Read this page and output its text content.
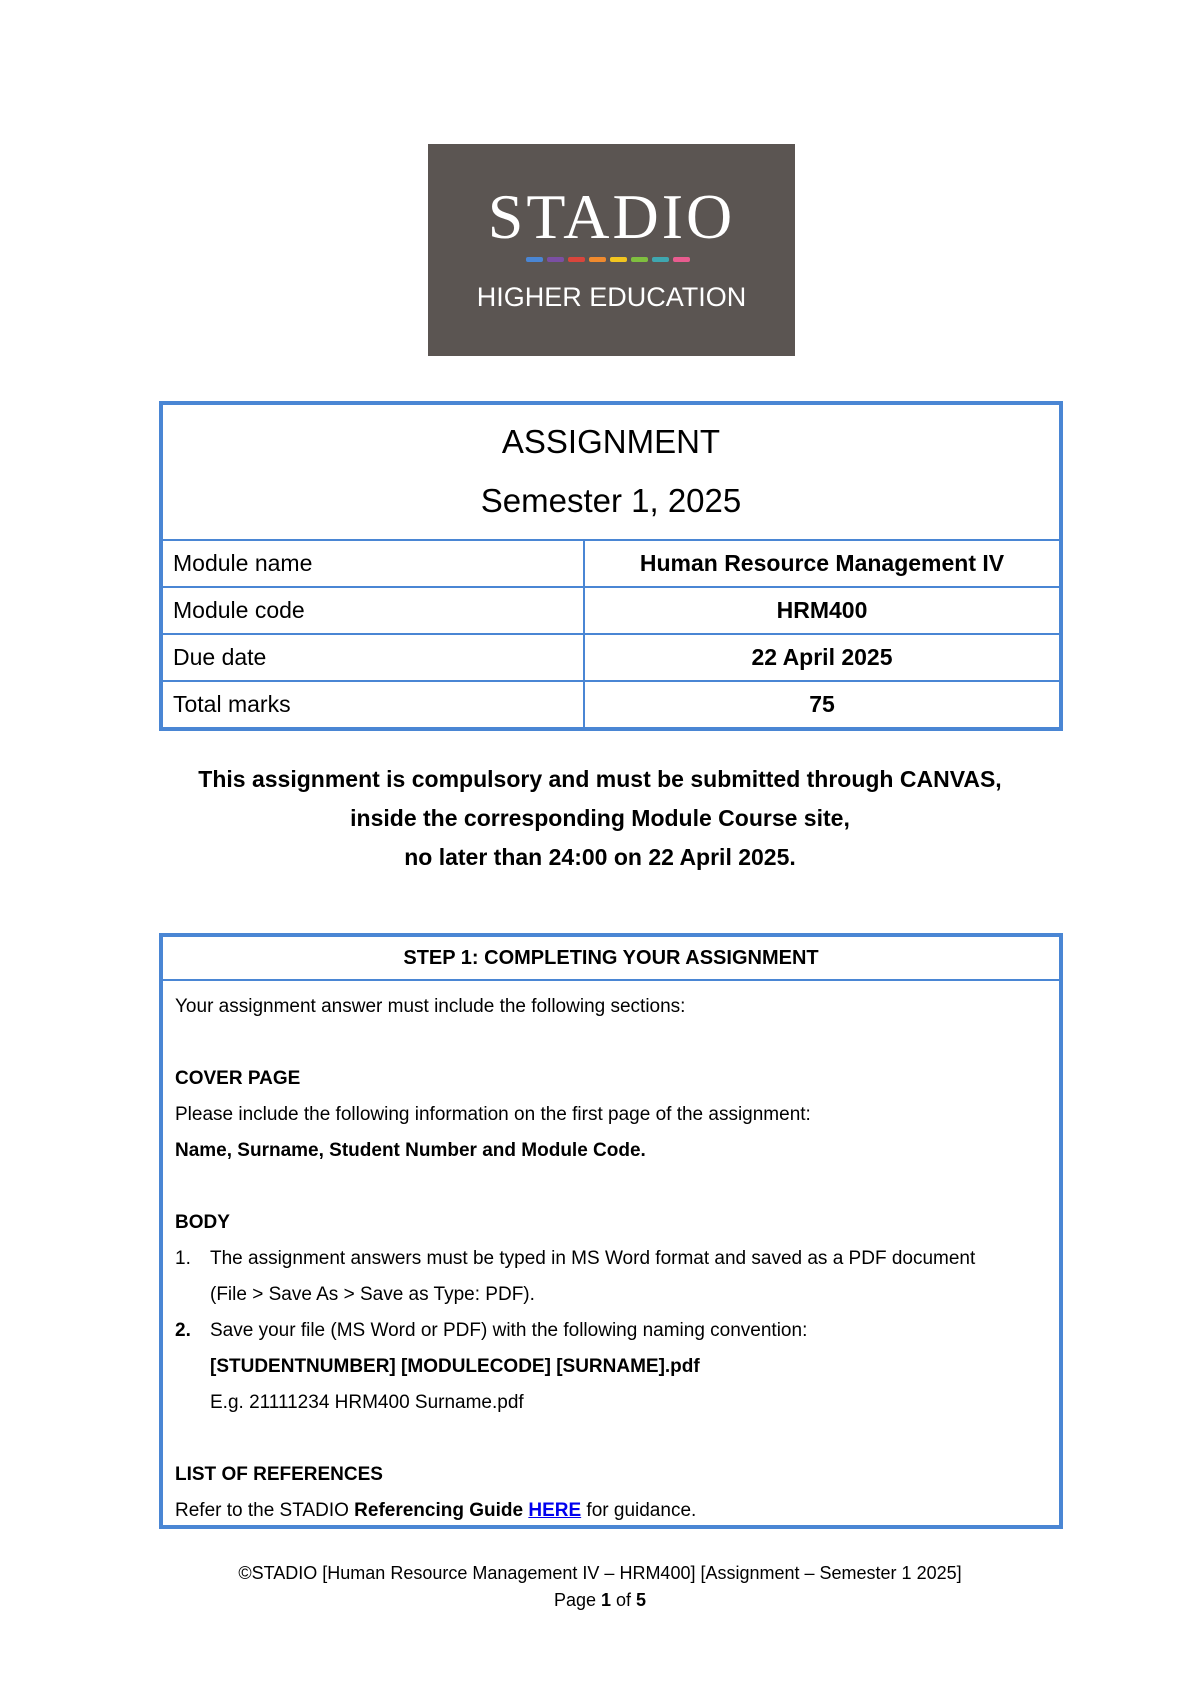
STADIO
HIGHER EDUCATION
ASSIGNMENT
Semester 1, 2025	

Module name	Human Resource Management IV
Module code	HRM400
Due date	22 April 2025
Total marks	75
This assignment is compulsory and must be submitted through CANVAS,
inside the corresponding Module Course site,
no later than 24:00 on 22 April 2025.
STEP 1: COMPLETING YOUR ASSIGNMENT
Your assignment answer must include the following sections:
COVER PAGE
Please include the following information on the first page of the assignment:
Name, Surname, Student Number and Module Code.
BODY
1. The assignment answers must be typed in MS Word format and saved as a PDF document
(File > Save As > Save as Type: PDF).
2. Save your file (MS Word or PDF) with the following naming convention:
[STUDENTNUMBER] [MODULECODE] [SURNAME].pdf
E.g. 21111234 HRM400 Surname.pdf
LIST OF REFERENCES
Refer to the STADIO Referencing Guide HERE for guidance.
©STADIO [Human Resource Management IV – HRM400] [Assignment – Semester 1 2025]
Page 1 of 5
